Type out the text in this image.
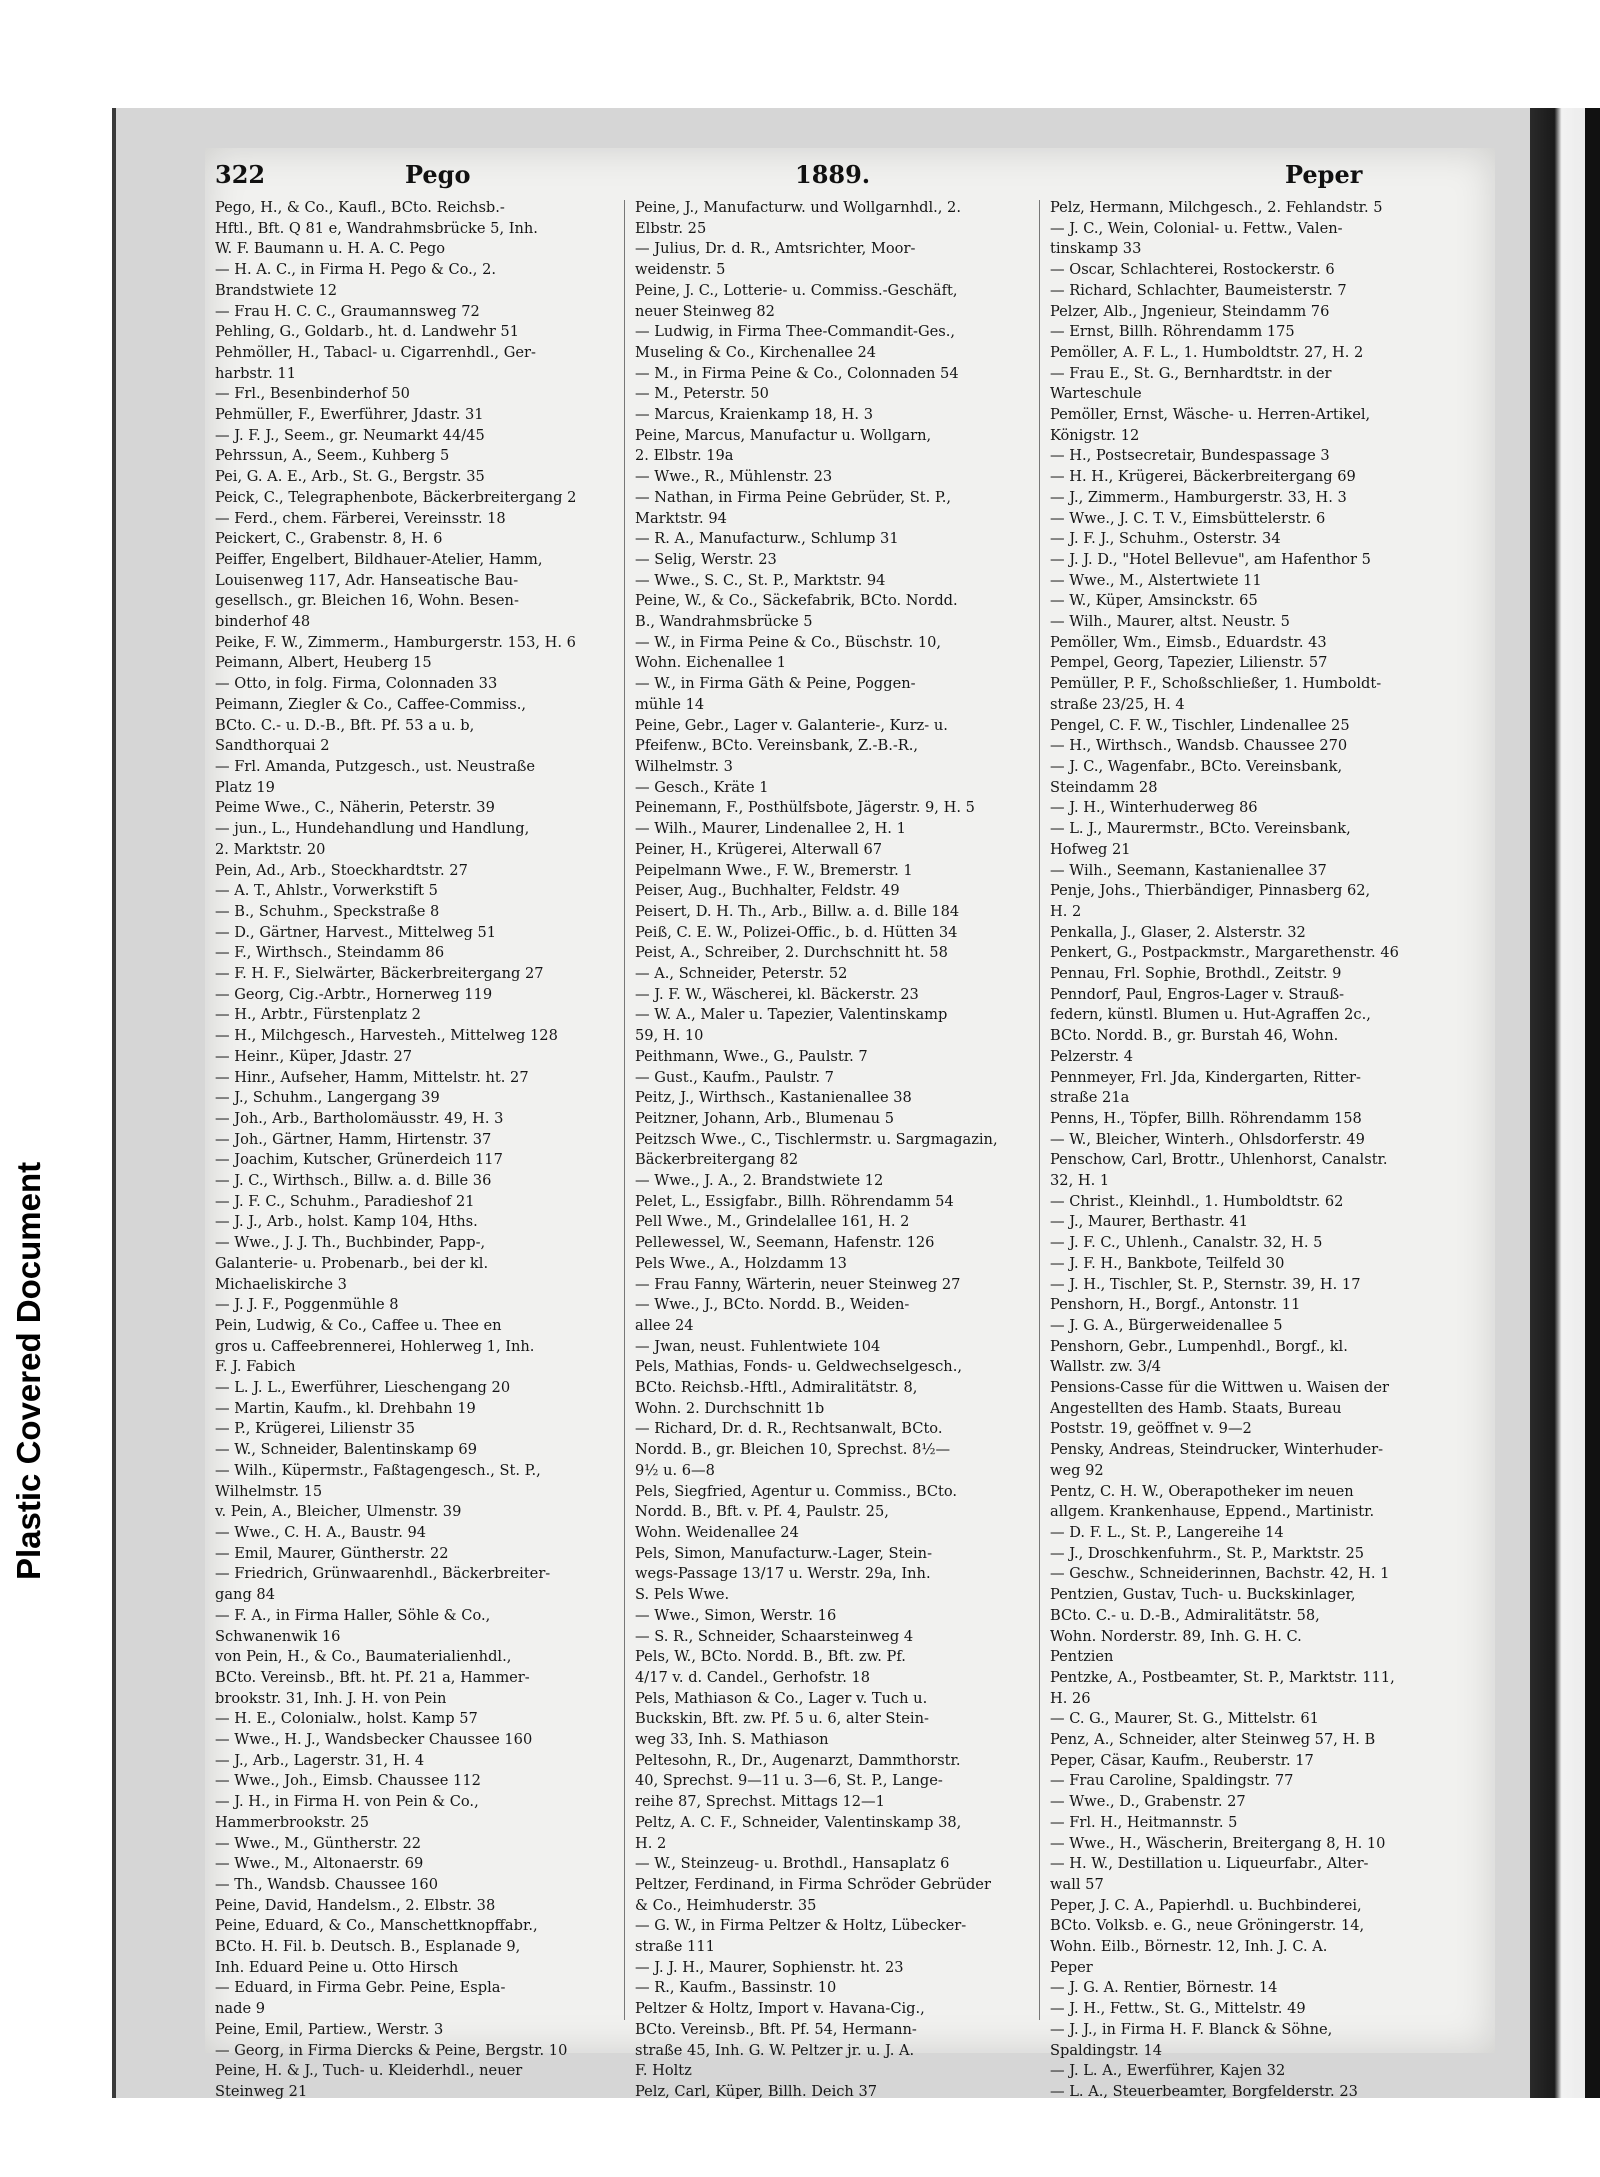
Plastic Covered Document
322	Pego	1889.	Peper
Pego, H., & Co., Kaufl., BCto. Reichsb.-
Hftl., Bft. Q 81 e, Wandrahmsbrücke 5, Inh.
W. F. Baumann u. H. A. C. Pego
— H. A. C., in Firma H. Pego & Co., 2.
Brandstwiete 12
— Frau H. C. C., Graumannsweg 72
Pehling, G., Goldarb., ht. d. Landwehr 51
Pehmöller, H., Tabacl- u. Cigarrenhdl., Ger-
harbstr. 11
— Frl., Besenbinderhof 50
Pehmüller, F., Ewerführer, Jdastr. 31
— J. F. J., Seem., gr. Neumarkt 44/45
Pehrssun, A., Seem., Kuhberg 5
Pei, G. A. E., Arb., St. G., Bergstr. 35
Peick, C., Telegraphenbote, Bäckerbreitergang 2
— Ferd., chem. Färberei, Vereinsstr. 18
Peickert, C., Grabenstr. 8, H. 6
Peiffer, Engelbert, Bildhauer-Atelier, Hamm,
Louisenweg 117, Adr. Hanseatische Bau-
gesellsch., gr. Bleichen 16, Wohn. Besen-
binderhof 48
Peike, F. W., Zimmerm., Hamburgerstr. 153, H. 6
Peimann, Albert, Heuberg 15
— Otto, in folg. Firma, Colonnaden 33
Peimann, Ziegler & Co., Caffee-Commiss.,
BCto. C.- u. D.-B., Bft. Pf. 53 a u. b,
Sandthorquai 2
— Frl. Amanda, Putzgesch., ust. Neustraße
Platz 19
Peime Wwe., C., Näherin, Peterstr. 39
— jun., L., Hundehandlung und Handlung,
2. Marktstr. 20
Pein, Ad., Arb., Stoeckhardtstr. 27
— A. T., Ahlstr., Vorwerkstift 5
— B., Schuhm., Speckstraße 8
— D., Gärtner, Harvest., Mittelweg 51
— F., Wirthsch., Steindamm 86
— F. H. F., Sielwärter, Bäckerbreitergang 27
— Georg, Cig.-Arbtr., Hornerweg 119
— H., Arbtr., Fürstenplatz 2
— H., Milchgesch., Harvesteh., Mittelweg 128
— Heinr., Küper, Jdastr. 27
— Hinr., Aufseher, Hamm, Mittelstr. ht. 27
— J., Schuhm., Langergang 39
— Joh., Arb., Bartholomäusstr. 49, H. 3
— Joh., Gärtner, Hamm, Hirtenstr. 37
— Joachim, Kutscher, Grünerdeich 117
— J. C., Wirthsch., Billw. a. d. Bille 36
— J. F. C., Schuhm., Paradieshof 21
— J. J., Arb., holst. Kamp 104, Hths.
— Wwe., J. J. Th., Buchbinder, Papp-,
Galanterie- u. Probenarb., bei der kl.
Michaeliskirche 3
— J. J. F., Poggenmühle 8
Pein, Ludwig, & Co., Caffee u. Thee en
gros u. Caffeebrennerei, Hohlerweg 1, Inh.
F. J. Fabich
— L. J. L., Ewerführer, Lieschengang 20
— Martin, Kaufm., kl. Drehbahn 19
— P., Krügerei, Lilienstr 35
— W., Schneider, Balentinskamp 69
— Wilh., Küpermstr., Faßtagengesch., St. P.,
Wilhelmstr. 15
v. Pein, A., Bleicher, Ulmenstr. 39
— Wwe., C. H. A., Baustr. 94
— Emil, Maurer, Güntherstr. 22
— Friedrich, Grünwaarenhdl., Bäckerbreiter-
gang 84
— F. A., in Firma Haller, Söhle & Co.,
Schwanenwik 16
von Pein, H., & Co., Baumaterialienhdl.,
BCto. Vereinsb., Bft. ht. Pf. 21 a, Hammer-
brookstr. 31, Inh. J. H. von Pein
— H. E., Colonialw., holst. Kamp 57
— Wwe., H. J., Wandsbecker Chaussee 160
— J., Arb., Lagerstr. 31, H. 4
— Wwe., Joh., Eimsb. Chaussee 112
— J. H., in Firma H. von Pein & Co.,
Hammerbrookstr. 25
— Wwe., M., Güntherstr. 22
— Wwe., M., Altonaerstr. 69
— Th., Wandsb. Chaussee 160
Peine, David, Handelsm., 2. Elbstr. 38
Peine, Eduard, & Co., Manschettknopffabr.,
BCto. H. Fil. b. Deutsch. B., Esplanade 9,
Inh. Eduard Peine u. Otto Hirsch
— Eduard, in Firma Gebr. Peine, Espla-
nade 9
Peine, Emil, Partiew., Werstr. 3
— Georg, in Firma Diercks & Peine, Bergstr. 10
Peine, H. & J., Tuch- u. Kleiderhdl., neuer
Steinweg 21
Peine, J., Manufacturw. und Wollgarnhdl., 2.
Elbstr. 25
— Julius, Dr. d. R., Amtsrichter, Moor-
weidenstr. 5
Peine, J. C., Lotterie- u. Commiss.-Geschäft,
neuer Steinweg 82
— Ludwig, in Firma Thee-Commandit-Ges.,
Museling & Co., Kirchenallee 24
— M., in Firma Peine & Co., Colonnaden 54
— M., Peterstr. 50
— Marcus, Kraienkamp 18, H. 3
Peine, Marcus, Manufactur u. Wollgarn,
2. Elbstr. 19a
— Wwe., R., Mühlenstr. 23
— Nathan, in Firma Peine Gebrüder, St. P.,
Marktstr. 94
— R. A., Manufacturw., Schlump 31
— Selig, Werstr. 23
— Wwe., S. C., St. P., Marktstr. 94
Peine, W., & Co., Säckefabrik, BCto. Nordd.
B., Wandrahmsbrücke 5
— W., in Firma Peine & Co., Büschstr. 10,
Wohn. Eichenallee 1
— W., in Firma Gäth & Peine, Poggen-
mühle 14
Peine, Gebr., Lager v. Galanterie-, Kurz- u.
Pfeifenw., BCto. Vereinsbank, Z.-B.-R.,
Wilhelmstr. 3
— Gesch., Kräte 1
Peinemann, F., Posthülfsbote, Jägerstr. 9, H. 5
— Wilh., Maurer, Lindenallee 2, H. 1
Peiner, H., Krügerei, Alterwall 67
Peipelmann Wwe., F. W., Bremerstr. 1
Peiser, Aug., Buchhalter, Feldstr. 49
Peisert, D. H. Th., Arb., Billw. a. d. Bille 184
Peiß, C. E. W., Polizei-Offic., b. d. Hütten 34
Peist, A., Schreiber, 2. Durchschnitt ht. 58
— A., Schneider, Peterstr. 52
— J. F. W., Wäscherei, kl. Bäckerstr. 23
— W. A., Maler u. Tapezier, Valentinskamp
59, H. 10
Peithmann, Wwe., G., Paulstr. 7
— Gust., Kaufm., Paulstr. 7
Peitz, J., Wirthsch., Kastanienallee 38
Peitzner, Johann, Arb., Blumenau 5
Peitzsch Wwe., C., Tischlermstr. u. Sargmagazin,
Bäckerbreitergang 82
— Wwe., J. A., 2. Brandstwiete 12
Pelet, L., Essigfabr., Billh. Röhrendamm 54
Pell Wwe., M., Grindelallee 161, H. 2
Pellewessel, W., Seemann, Hafenstr. 126
Pels Wwe., A., Holzdamm 13
— Frau Fanny, Wärterin, neuer Steinweg 27
— Wwe., J., BCto. Nordd. B., Weiden-
allee 24
— Jwan, neust. Fuhlentwiete 104
Pels, Mathias, Fonds- u. Geldwechselgesch.,
BCto. Reichsb.-Hftl., Admiralitätstr. 8,
Wohn. 2. Durchschnitt 1b
— Richard, Dr. d. R., Rechtsanwalt, BCto.
Nordd. B., gr. Bleichen 10, Sprechst. 8½—
9½ u. 6—8
Pels, Siegfried, Agentur u. Commiss., BCto.
Nordd. B., Bft. v. Pf. 4, Paulstr. 25,
Wohn. Weidenallee 24
Pels, Simon, Manufacturw.-Lager, Stein-
wegs-Passage 13/17 u. Werstr. 29a, Inh.
S. Pels Wwe.
— Wwe., Simon, Werstr. 16
— S. R., Schneider, Schaarsteinweg 4
Pels, W., BCto. Nordd. B., Bft. zw. Pf.
4/17 v. d. Candel., Gerhofstr. 18
Pels, Mathiason & Co., Lager v. Tuch u.
Buckskin, Bft. zw. Pf. 5 u. 6, alter Stein-
weg 33, Inh. S. Mathiason
Peltesohn, R., Dr., Augenarzt, Dammthorstr.
40, Sprechst. 9—11 u. 3—6, St. P., Lange-
reihe 87, Sprechst. Mittags 12—1
Peltz, A. C. F., Schneider, Valentinskamp 38,
H. 2
— W., Steinzeug- u. Brothdl., Hansaplatz 6
Peltzer, Ferdinand, in Firma Schröder Gebrüder
& Co., Heimhuderstr. 35
— G. W., in Firma Peltzer & Holtz, Lübecker-
straße 111
— J. J. H., Maurer, Sophienstr. ht. 23
— R., Kaufm., Bassinstr. 10
Peltzer & Holtz, Import v. Havana-Cig.,
BCto. Vereinsb., Bft. Pf. 54, Hermann-
straße 45, Inh. G. W. Peltzer jr. u. J. A.
F. Holtz
Pelz, Carl, Küper, Billh. Deich 37
Pelz, Hermann, Milchgesch., 2. Fehlandstr. 5
— J. C., Wein, Colonial- u. Fettw., Valen-
tinskamp 33
— Oscar, Schlachterei, Rostockerstr. 6
— Richard, Schlachter, Baumeisterstr. 7
Pelzer, Alb., Jngenieur, Steindamm 76
— Ernst, Billh. Röhrendamm 175
Pemöller, A. F. L., 1. Humboldtstr. 27, H. 2
— Frau E., St. G., Bernhardtstr. in der
Warteschule
Pemöller, Ernst, Wäsche- u. Herren-Artikel,
Königstr. 12
— H., Postsecretair, Bundespassage 3
— H. H., Krügerei, Bäckerbreitergang 69
— J., Zimmerm., Hamburgerstr. 33, H. 3
— Wwe., J. C. T. V., Eimsbüttelerstr. 6
— J. F. J., Schuhm., Osterstr. 34
— J. J. D., "Hotel Bellevue", am Hafenthor 5
— Wwe., M., Alstertwiete 11
— W., Küper, Amsinckstr. 65
— Wilh., Maurer, altst. Neustr. 5
Pemöller, Wm., Eimsb., Eduardstr. 43
Pempel, Georg, Tapezier, Lilienstr. 57
Pemüller, P. F., Schoßschließer, 1. Humboldt-
straße 23/25, H. 4
Pengel, C. F. W., Tischler, Lindenallee 25
— H., Wirthsch., Wandsb. Chaussee 270
— J. C., Wagenfabr., BCto. Vereinsbank,
Steindamm 28
— J. H., Winterhuderweg 86
— L. J., Maurermstr., BCto. Vereinsbank,
Hofweg 21
— Wilh., Seemann, Kastanienallee 37
Penje, Johs., Thierbändiger, Pinnasberg 62,
H. 2
Penkalla, J., Glaser, 2. Alsterstr. 32
Penkert, G., Postpackmstr., Margarethenstr. 46
Pennau, Frl. Sophie, Brothdl., Zeitstr. 9
Penndorf, Paul, Engros-Lager v. Strauß-
federn, künstl. Blumen u. Hut-Agraffen 2c.,
BCto. Nordd. B., gr. Burstah 46, Wohn.
Pelzerstr. 4
Pennmeyer, Frl. Jda, Kindergarten, Ritter-
straße 21a
Penns, H., Töpfer, Billh. Röhrendamm 158
— W., Bleicher, Winterh., Ohlsdorferstr. 49
Penschow, Carl, Brottr., Uhlenhorst, Canalstr.
32, H. 1
— Christ., Kleinhdl., 1. Humboldtstr. 62
— J., Maurer, Berthastr. 41
— J. F. C., Uhlenh., Canalstr. 32, H. 5
— J. F. H., Bankbote, Teilfeld 30
— J. H., Tischler, St. P., Sternstr. 39, H. 17
Penshorn, H., Borgf., Antonstr. 11
— J. G. A., Bürgerweidenallee 5
Penshorn, Gebr., Lumpenhdl., Borgf., kl.
Wallstr. zw. 3/4
Pensions-Casse für die Wittwen u. Waisen der
Angestellten des Hamb. Staats, Bureau
Poststr. 19, geöffnet v. 9—2
Pensky, Andreas, Steindrucker, Winterhuder-
weg 92
Pentz, C. H. W., Oberapotheker im neuen
allgem. Krankenhause, Eppend., Martinistr.
— D. F. L., St. P., Langereihe 14
— J., Droschkenfuhrm., St. P., Marktstr. 25
— Geschw., Schneiderinnen, Bachstr. 42, H. 1
Pentzien, Gustav, Tuch- u. Buckskinlager,
BCto. C.- u. D.-B., Admiralitätstr. 58,
Wohn. Norderstr. 89, Inh. G. H. C.
Pentzien
Pentzke, A., Postbeamter, St. P., Marktstr. 111,
H. 26
— C. G., Maurer, St. G., Mittelstr. 61
Penz, A., Schneider, alter Steinweg 57, H. B
Peper, Cäsar, Kaufm., Reuberstr. 17
— Frau Caroline, Spaldingstr. 77
— Wwe., D., Grabenstr. 27
— Frl. H., Heitmannstr. 5
— Wwe., H., Wäscherin, Breitergang 8, H. 10
— H. W., Destillation u. Liqueurfabr., Alter-
wall 57
Peper, J. C. A., Papierhdl. u. Buchbinderei,
BCto. Volksb. e. G., neue Gröningerstr. 14,
Wohn. Eilb., Börnestr. 12, Inh. J. C. A.
Peper
— J. G. A. Rentier, Börnestr. 14
— J. H., Fettw., St. G., Mittelstr. 49
— J. J., in Firma H. F. Blanck & Söhne,
Spaldingstr. 14
— J. L. A., Ewerführer, Kajen 32
— L. A., Steuerbeamter, Borgfelderstr. 23
